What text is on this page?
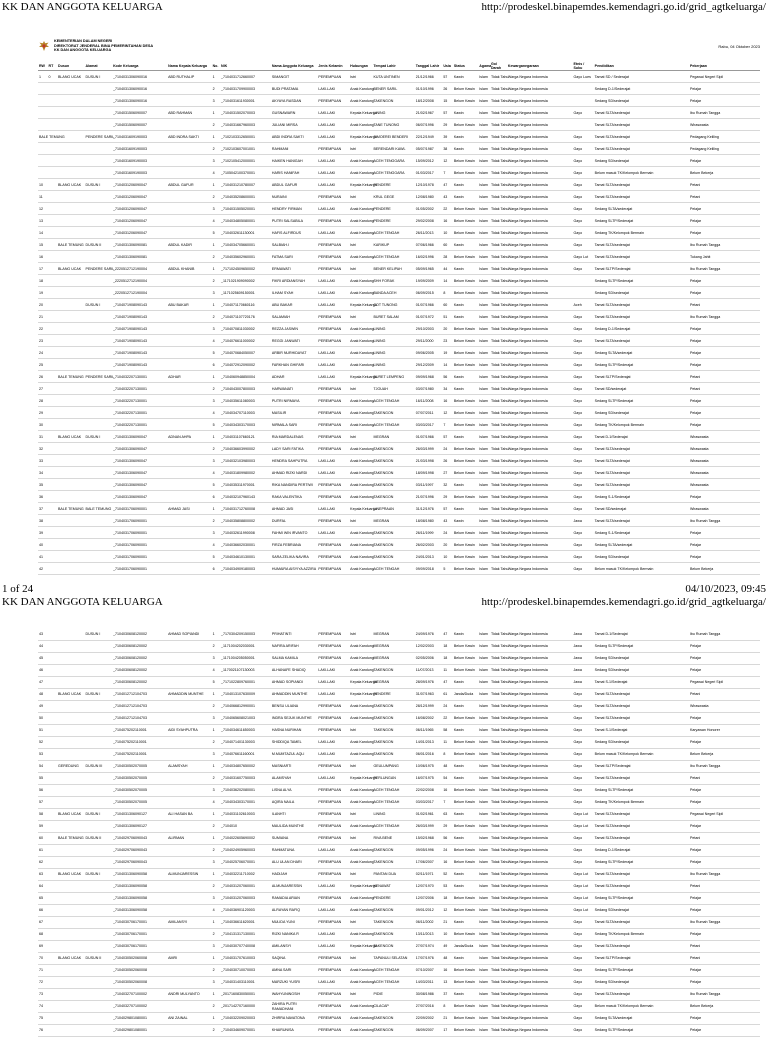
KK DAN ANGGOTA KELUARGA	http://prodeskel.binapemdes.kemendagri.go.id/grid_agtkeluarga/
KEMENTERIAN DALAM NEGERI
DIREKTORAT JENDERAL BINA PEMERINTAHAN DESA
KK DAN ANGGOTA KELUARGA
Rabu, 04 Oktober 2023
RW	RT	Dusun	Alamat	Kode Keluarga	Nama Kepala Keluarga	No.	NIK	Nama Anggota Keluarga	Jenis Kelamin	Hubungan	Tempat Lahir	Tanggal Lahir	Usia	Status	Agama	Gol Darah	Kewarganegaraan	Etnis / Suku	Pendidikan	Pekerjaan
1	0	BLANG UCAK	DUSUN I	_7104031306090016	ABD RUTHALIP	1	_7104031712660007	SIMANGIT	PEREMPUAN	Istri	KUTA UNTINEN	21/12/1966	57	Kawin	Islam	Tidak Tahu	Warga Negara Indonesia	Gayo Lues	Tamat SD / Sederajat	Pegawai Negeri Sipil
				_7104031306090016		2	_7104031709900003	BUDI PRATAMA	LAKI-LAKI	Anak Kandung	BENER SARIL	01/10/1996	26	Belum Kawin	Islam	Tidak Tahu	Warga Negara Indonesia		Sedang D-1/Sederajat	Pelajar
				_7104031306090016		3	_7104031611930001	AKYAYA RASDAN	PEREMPUAN	Anak Kandung	TAKENGON	18/12/2008	15	Belum Kawin	Islam	Tidak Tahu	Warga Negara Indonesia		Sedang SD/sederajat	Pelajar
				_7104031506090007	ABD RAHMAN	1	_7104031502070003	GUSNAWARN	LAKI-LAKI	Kepala Keluarga	LINING	21/02/1967	57	Kawin	Islam	Tidak Tahu	Warga Negara Indonesia	Gayo	Tamat SLTA/sederajat	Ibu Rumah Tangga
				_7104031506090007		2	_7104031667960003	JULIANI MIRSA	LAKI-LAKI	Anak Kandung	TANE TUNONG	06/07/1996	29	Belum Kawin	Islam	Tidak Tahu	Warga Negara Indonesia		Tamat SLTA/sederajat	Wiraswasta
BALE TEMUNG			PENDERE SARIL	_7104031609190003	ABD INDRA SAKTI	1	_7102103312650001	ABDI INDRA SAKTI	LAKI-LAKI	Kepala Keluarga	SIMOEREI BENDERI	22/12/1949	39	Kawin	Islam	Tidak Tahu	Warga Negara Indonesia	Gayo	Tamat SLTA/sederajat	Pedagang Keliling
				_7104031609190003		2	_7102103607001001	RAHMANI	PEREMPUAN	Istri	BERENDARI KAWL	05/07/1987	38	Kawin	Islam	Tidak Tahu	Warga Negara Indonesia	Gayo	Tamat SLTA/sederajat	Pedagang Keliling
				_7104031609190003		3	_7102105412000001	HAIKEN HANIGAH	LAKI-LAKI	Anak Kandung	ACEH TENGGARA	15/09/2012	12	Belum Kawin	Islam	Tidak Tahu	Warga Negara Indonesia	Gayo	Sedang SD/sederajat	Pelajar
				_7104031609190003		4	_7105042100370001	HARIS HANIFAH	LAKI-LAKI	Anak Kandung	ACEH TENGGARA	01/03/2017	7	Belum Kawin	Islam	Tidak Tahu	Warga Negara Indonesia	Gayo	Belum masuk TK/Kelompok Bermain	Belum Bekerja
10		BLANG UCAK	DUSUN I	_7104031206090047	ABDUL GAFUR	1	_7104031210780007	ABDUL GAFUR	LAKI-LAKI	Kepala Keluarga	PENDERE	12/10/1978	47	Kawin	Islam	Tidak Tahu	Warga Negara Indonesia	Gayo	Tamat SLTA/sederajat	Petani
11				_7104031206090047		2	_7104035208600001	NURAINI	PEREMPUAN	Istri	KRUL GEGE	12/08/1980	43	Kawin	Islam	Tidak Tahu	Warga Negara Indonesia	Gayo	Tamat SLTA/sederajat	Petani
12				_7104031206090047		3	_7104031505020001	HENDRY FIRMAN	LAKI-LAKI	Anak Kandung	PENDERE	01/05/2002	22	Belum Kawin	Islam	Tidak Tahu	Warga Negara Indonesia	Gayo	Sedang SLTA/sederajat	Pelajar
13				_7104031206090047		4	_7104034805080001	PUTRI SALSABILA	PEREMPUAN	Anak Kandung	PENDERE	29/02/2008	16	Belum Kawin	Islam	Tidak Tahu	Warga Negara Indonesia	Gayo	Sedang SLTP/Sederajat	Pelajar
14				_7104031206090047		5	_7104032611130001	HAFIS ALFIRDUS	LAKI-LAKI	Anak Kandung	ACEH TENGAH	26/11/2013	10	Belum Kawin	Islam	Tidak Tahu	Warga Negara Indonesia	Gayo	Sedang TK/Kelompok Bermain	Pelajar
15		BALE TEMUNG	DUSUN II	_7104031306090081	ABDUL KADIR	1	_7104034705660001	SALBIAH.I	PEREMPUAN	Istri	KARIKUP	07/06/1966	60	Kawin	Islam	Tidak Tahu	Warga Negara Indonesia	Gayo	Tamat SLTA/sederajat	Ibu Rumah Tangga
16				_7104031306090081		2	_7104035602960001	FATMA SARI	PEREMPUAN	Anak Kandung	ACEH TENGAH	16/02/1996	28	Belum Kawin	Islam	Tidak Tahu	Warga Negara Indonesia	Gayo Lut	Tamat SLTA/sederajat	Tukang Jahit
17		BLANG UCAK	PENDERE SARIL	_2220512712190004	ABDUL KHANIB	1	_7171024509650002	ERMAWATI	PEREMPUAN	Istri	BENER KELIPAH	05/09/1965	44	Kawin	Islam	Tidak Tahu	Warga Negara Indonesia	Gayo	Tamat SLTP/Sederajat	Ibu Rumah Tangga
18				_2220512712190004		2	_1171021909090002	FIKRI ARDIANSYAH	LAKI-LAKI	Anak Kandung	SHH FORAK	19/09/2009	14	Belum Kawin	Islam	Tidak Tahu	Warga Negara Indonesia		Sedang SLTP/Sederajat	Pelajar
19				_2220512712190004		3	_1171025609150001	ILHAM SYAH	LAKI-LAKI	Anak Kandung	BANDA ACEH	06/09/2015	8	Belum Kawin	Islam	Tidak Tahu	Warga Negara Indonesia		Sedang SD/sederajat	Pelajar
20			DUSUN I	_7104071908090143	ABU BAKAR	1	_7104071170660116	ABU BAKAR	LAKI-LAKI	Kepala Keluarga	COT TUNONG	01/07/1966	60	Kawin	Islam	Tidak Tahu	Warga Negara Indonesia	Aceh	Tamat SLTA/sederajat	Petani
21				_7104071908090143		2	_7104071107720176	SALAMIAH	PEREMPUAN	Istri	BURET SALAM	01/07/1972	51	Kawin	Islam	Tidak Tahu	Warga Negara Indonesia	Gayo	Tamat SLTA/sederajat	Ibu Rumah Tangga
22				_7104071908090143		3	_7104070811030002	REZZA JASWIN	PEREMPUAN	Anak Kandung	LINING	29/10/2003	20	Belum Kawin	Islam	Tidak Tahu	Warga Negara Indonesia	Gayo	Sedang D-1/Sederajat	Pelajar
23				_7104071908090143		4	_7104076611000002	REGGI JANWATI	PEREMPUAN	Anak Kandung	LINING	29/11/2000	23	Belum Kawin	Islam	Tidak Tahu	Warga Negara Indonesia	Gayo	Tamat SLTA/sederajat	Pelajar
24				_7104071908090143		5	_7104070684050007	ARBIR NURHIDAYAT	LAKI-LAKI	Anak Kandung	LINING	09/06/2005	19	Belum Kawin	Islam	Tidak Tahu	Warga Negara Indonesia	Gayo	Sedang SLTA/sederajat	Pelajar
25				_7104071908090143		6	_7104072912090002	FARKHAN GHIFARI	LAKI-LAKI	Anak Kandung	LINING	29/12/2009	14	Belum Kawin	Islam	Tidak Tahu	Warga Negara Indonesia	Gayo	Sedang SLTP/Sederajat	Pelajar
26		BALE TEMUNG	PENDERE SARIL	_7104032207130001	ADHAR	1	_7104060948850004	ADHAR	LAKI-LAKI	Kepala Keluarga	BURET LEMPENG	09/09/1968	56	Kawin	Islam	Tidak Tahu	Warga Negara Indonesia	Gayo	Tamat SLTP/Sederajat	Petani
27				_7104032207130001		2	_7104043007800003	HARWANATI	PEREMPUAN	Istri	TJOUAH	03/07/1980	34	Kawin	Islam	Tidak Tahu	Warga Negara Indonesia	Gayo	Tamat SD/sederajat	Petani
28				_7104032207130001		3	_7104035611080003	PUTRI NIRMAYA	PEREMPUAN	Anak Kandung	ACEH TENGAH	16/11/2008	16	Belum Kawin	Islam	Tidak Tahu	Warga Negara Indonesia	Gayo	Sedang SLTP/Sederajat	Pelajar
29				_7104032207130001		4	_7104034707110003	MASILIR	PEREMPUAN	Anak Kandung	TAKENGON	07/07/2011	12	Belum Kawin	Islam	Tidak Tahu	Warga Negara Indonesia	Gayo	Sedang SD/sederajat	Pelajar
30				_7104032207130001		5	_7104034303170003	NIRMALA SARI	PEREMPUAN	Anak Kandung	ACEH TENGAH	03/03/2017	7	Belum Kawin	Islam	Tidak Tahu	Warga Negara Indonesia	Gayo	Sedang TK/Kelompok Bermain	Pelajar
31		BLANG UCAK	DUSUN I	_7104031306090047	ADNAN AHPA	1	_7104031107660121	RIA MARDALENAS	PEREMPUAN	Istri	MEGRAN	01/07/1966	57	Kawin	Islam	Tidak Tahu	Warga Negara Indonesia	Gayo	Tamat D-1/Sederajat	Wiraswasta
32				_7104031306090047		2	_7104036603990002	LADY SARI FATIKA	PEREMPUAN	Anak Kandung	TAKENGON	26/03/1999	24	Belum Kawin	Islam	Tidak Tahu	Warga Negara Indonesia	Gayo	Tamat SLTA/sederajat	Wiraswasta
33				_7104031306090047		3	_7104032103980003	HENDRA SAHPUTRA	LAKI-LAKI	Anak Kandung	TAKENGON	21/03/1998	26	Belum Kawin	Islam	Tidak Tahu	Warga Negara Indonesia	Gayo	Tamat SLTA/sederajat	Wiraswasta
34				_7104031306090047		4	_7104031809980002	AHMAD RIZKI NARDI	LAKI-LAKI	Anak Kandung	TAKENGON	18/09/1998	27	Belum Kawin	Islam	Tidak Tahu	Warga Negara Indonesia	Gayo	Tamat SLTA/sederajat	Wiraswasta
35				_7104031306090047		5	_7104035311970001	RIKA NANDIRA PERTIWI	PEREMPUAN	Anak Kandung	TAKENGON	03/11/1997	32	Kawin	Islam	Tidak Tahu	Warga Negara Indonesia	Gayo	Tamat SLTA/sederajat	Wiraswasta
36				_7104031306090047		6	_7104032107960143	RAKA VALENTIKA	PEREMPUAN	Anak Kandung	TAKENGON	21/07/1996	29	Belum Kawin	Islam	Tidak Tahu	Warga Negara Indonesia	Gayo	Sedang S-1/Sederajat	Pelajar
37		BALE TEMUNG	BALE TEMUNG	_7104031706090001	AHMAD JASI	1	_7104031712760008	AHMAD JASI	LAKI-LAKI	Kepala Keluarga	LINEPRAAN	31/12/1976	57	Kawin	Islam	Tidak Tahu	Warga Negara Indonesia	Gayo	Tamat SD/sederajat	Wiraswasta
38				_7104031706090001		2	_7104035808800002	DURFAL	PEREMPUAN	Istri	MEGRAN	18/08/1980	43	Kawin	Islam	Tidak Tahu	Warga Negara Indonesia	Jawa	Tamat SLTA/sederajat	Ibu Rumah Tangga
39				_7104031706090001		3	_7104032611990008	FAHMI WIN IRVANTO	LAKI-LAKI	Anak Kandung	TAKENGON	26/11/1999	24	Belum Kawin	Islam	Tidak Tahu	Warga Negara Indonesia	Gayo	Sedang S-1/Sederajat	Pelajar
40				_7104031706090001		4	_7104036602030001	FIRZA FEBRIANA	PEREMPUAN	Anak Kandung	TAKENGON	26/02/2003	20	Belum Kawin	Islam	Tidak Tahu	Warga Negara Indonesia	Gayo	Sedang SLTA/sederajat	Pelajar
41				_7104031706090001		5	_7104034610130001	SARA ZELIKA NAVIRA	PEREMPUAN	Anak Kandung	TAKENGON	24/01/2013	10	Belum Kawin	Islam	Tidak Tahu	Warga Negara Indonesia	Gayo	Sedang SD/sederajat	Pelajar
42				_7104031706090001		6	_7104034909180003	HUMAIRA AISYIYA AZZIRA	PEREMPUAN	Anak Kandung	ACEH TENGAH	09/09/2018	5	Belum Kawin	Islam	Tidak Tahu	Warga Negara Indonesia	Gayo	Belum masuk TK/Kelompok Bermain	Belum Bekerja
1 of 24	04/10/2023, 09:45
KK DAN ANGGOTA KELUARGA	http://prodeskel.binapemdes.kemendagri.go.id/grid_agtkeluarga/
43			DUSUN I	_7104030608120002	AHMAD SOPIANDI	1	_7170304209150003	PRIHATINTI	PEREMPUAN	Istri	MEGRAN	24/09/1976	47	Kawin	Islam	Tidak Tahu	Warga Negara Indonesia	Jawa	Tamat D-1/Sederajat	Ibu Rumah Tangga
44				_7104030608120002		2	_1171004202030001	NAFIRA ARIFAH	PEREMPUAN	Anak Kandung	MEGRAN	12/02/2003	18	Belum Kawin	Islam	Tidak Tahu	Warga Negara Indonesia	Jawa	Sedang SLTP/Sederajat	Pelajar
45				_7104030608120002		3	_1171004205050001	SALMA KAMILA	PEREMPUAN	Anak Kandung	MEGRAN	02/05/2006	18	Belum Kawin	Islam	Tidak Tahu	Warga Negara Indonesia	Jawa	Sedang SD/sederajat	Pelajar
46				_7104030608120002		4	_1170021107130003	ALHANAFE SHADIQ	LAKI-LAKI	Anak Kandung	TAKENGON	11/07/2013	11	Belum Kawin	Islam	Tidak Tahu	Warga Negara Indonesia	Jawa	Sedang SD/sederajat	Pelajar
47				_7104030608120002		5	_7171022809760001	AHMAD SOPIANDI	LAKI-LAKI	Kepala Keluarga	MEGRAN	28/09/1976	47	Kawin	Islam	Tidak Tahu	Warga Negara Indonesia	Jawa	Tamat S-1/Sederajat	Pegawai Negeri Sipil
48		BLANG UCAK	DUSUN I	_7104012712104703	AHMADDIN MUNTHE	1	_7104013107630009	AHMADDIN MUNTHE	LAKI-LAKI	Kepala Keluarga	PENDERE	31/07/1963	61	Janda/Duda	Islam	Tidak Tahu	Warga Negara Indonesia	Gayo	Tamat SLTA/sederajat	Petani
49				_7104012712104703		2	_7104066812990001	BENSU ULIANA	PEREMPUAN	Anak Kandung	TAKENGON	28/12/1999	24	Kawin	Islam	Tidak Tahu	Warga Negara Indonesia	Gayo	Tamat SLTA/sederajat	Wiraswasta
50				_7104012712104703		3	_7104065608021003	INDRA SEJUK MUNTHE	PEREMPUAN	Anak Kandung	TAKENGON	16/08/2002	22	Belum Kawin	Islam	Tidak Tahu	Warga Negara Indonesia	Gayo	Tamat SLTA/sederajat	Pelajar
51				_7104075202110001	AIDI SYAHPUTRA	1	_7104034611650003	HASNA NURIHAN	PEREMPUAN	Istri	TAKENGON	06/11/1965	58	Kawin	Islam	Tidak Tahu	Warga Negara Indonesia	Gayo	Tamat S-1/Sederajat	Karyawan Honorer
52				_7104075202110001		2	_7104071401130003	SHIDDIQA TAMEL	LAKI-LAKI	Anak Kandung	TAKENGON	14/01/2013	11	Belum Kawin	Islam	Tidak Tahu	Warga Negara Indonesia	Gayo	Sedang SD/sederajat	Pelajar
53				_7104075202110001		3	_7104076611160001	M.MUMTAZUL AQLI	LAKI-LAKI	Anak Kandung	TAKENGON	06/01/2016	8	Belum Kawin	Islam	Tidak Tahu	Warga Negara Indonesia	Gayo	Belum masuk TK/Kelompok Bermain	Belum Bekerja
54		GEREDUNG	DUSUN III	_7104030502070005	ALAMSYAH	1	_7104034807650002	MASNIARTI	PEREMPUAN	Istri	GEULUMPANG	10/06/1975	48	Kawin	Islam	Tidak Tahu	Warga Negara Indonesia	Gayo	Tamat SLTP/Sederajat	Ibu Rumah Tangga
55				_7104030502070005		2	_7104031607750003	ALAMSYAH	LAKI-LAKI	Kepala Keluarga	PERLUNGAN	16/07/1975	54	Kawin	Islam	Tidak Tahu	Warga Negara Indonesia	Gayo	Tamat SLTA/sederajat	Petani
56				_7104030502070005		3	_7104036202080001	LISNA ALYA	PEREMPUAN	Anak Kandung	ACEH TENGAH	22/02/2008	16	Belum Kawin	Islam	Tidak Tahu	Warga Negara Indonesia	Gayo	Sedang SLTP/Sederajat	Pelajar
57				_7104030502070005		4	_7104034303170001	AQIRA NAILA	PEREMPUAN	Anak Kandung	ACEH TENGAH	03/03/2017	7	Belum Kawin	Islam	Tidak Tahu	Warga Negara Indonesia	Gayo	Sedang TK/Kelompok Bermain	Pelajar
58		BLANG UCAK	DUSUN I	_7104031306090127	ALI HASAN BA	1	_7104031102610003	ILANHTI	PEREMPUAN	Istri	LINING	01/02/1961	63	Kawin	Islam	Tidak Tahu	Warga Negara Indonesia	Gayo Lut	Tamat SLTA/sederajat	Pegawai Negeri Sipil
59				_7104031306090127		2	_7104010	MAULIDA MUNTHE	PEREMPUAN	Anak Kandung	ACEH TENGAH	26/03/1999	29	Belum Kawin	Islam	Tidak Tahu	Warga Negara Indonesia	Gayo Lut	Tamat SLTA/sederajat	Pelajar
60		BALE TEMUNG	DUSUN II	_7104029706090043	ALIRMAN	1	_7104022605690002	SUMIANA	PEREMPUAN	Istri	RIVA BENE	15/02/1968	56	Kawin	Islam	Tidak Tahu	Warga Negara Indonesia	Gayo	Tamat SLTA/sederajat	Petani
61				_7104029706090043		2	_7104024905960003	RAHMATUNA	LAKI-LAKI	Anak Kandung	TAKENGON	09/05/1996	24	Belum Kawin	Islam	Tidak Tahu	Warga Negara Indonesia	Gayo	Sedang D-1/Sederajat	Pelajar
62				_7104029706090043		3	_7104025706070001	ALU ULAN DHARI	PEREMPUAN	Anak Kandung	TAKENGON	17/06/2007	16	Belum Kawin	Islam	Tidak Tahu	Warga Negara Indonesia	Gayo	Sedang SLTP/Sederajat	Pelajar
63		BLANG UCAK	DUSUN I	_7104031306090058	ALMUNJARESSIN	1	_7104032211710002	HADIJAH	PEREMPUAN	Istri	PANTAN DUA	02/11/1971	52	Kawin	Islam	Tidak Tahu	Warga Negara Indonesia	Gayo Lut	Tamat SLTA/sederajat	Ibu Rumah Tangga
64				_7104031306090058		2	_7104031207060001	ALMUNJARESSIN	LAKI-LAKI	Kepala Keluarga	KENAWAT	12/07/1970	53	Kawin	Islam	Tidak Tahu	Warga Negara Indonesia	Gayo Lut	Tamat SLTA/sederajat	Petani
65				_7104031306090058		3	_7104031207060003	RAMADIA ARIAN	PEREMPUAN	Anak Kandung	PENDERE	12/07/2006	18	Belum Kawin	Islam	Tidak Tahu	Warga Negara Indonesia	Gayo Lut	Sedang SLTP/Sederajat	Pelajar
66				_7104031306090058		4	_7104036901120003	ALRAYAN RAFIQ	LAKI-LAKI	Anak Kandung	TAKENGON	09/01/2012	12	Belum Kawin	Islam	Tidak Tahu	Warga Negara Indonesia	Gayo Lut	Sedang SD/sederajat	Pelajar
67				_7104030706170001	AMILANSYI	1	_7104036611620001	MULIDA YUNI	PEREMPUAN	Istri	TAKENGON	06/11/2002	21	Kawin	Islam	Tidak Tahu	Warga Negara Indonesia	Gayo	Tamat SLTA/sederajat	Ibu Rumah Tangga
68				_7104030706170001		2	_7104131317130001	RIZKI NANIKA R	LAKI-LAKI	Anak Kandung	TAKENGON	13/11/2013	10	Belum Kawin	Islam	Tidak Tahu	Warga Negara Indonesia	Gayo	Sedang TK/Kelompok Bermain	Pelajar
69				_7104030706170001		3	_7104030707740008	AMILANSYI	LAKI-LAKI	Kepala Keluarga	TAKENGON	27/07/1974	49	Janda/Duda	Islam	Tidak Tahu	Warga Negara Indonesia	Gayo	Tamat SLTA/sederajat	Petani
70		BLANG UCAK	DUSUN II	_7104030502060008	AMRI	1	_7104031707610003	SAQINA	PEREMPUAN	Istri	TAPANULI SELATAN	17/07/1976	48	Kawin	Islam	Tidak Tahu	Warga Negara Indonesia	Gayo	Tamat SLTP/Sederajat	Petani
71				_7104030502060008		2	_7104030710070003	AMNA SARI	PEREMPUAN	Anak Kandung	ACEH TENGAH	07/10/2007	16	Belum Kawin	Islam	Tidak Tahu	Warga Negara Indonesia	Gayo	Sedang SLTP/Sederajat	Pelajar
72				_7104030502060008		3	_7104031403110001	MARZUKI YUSRI	LAKI-LAKI	Anak Kandung	ACEH TENGAH	14/03/2011	13	Belum Kawin	Islam	Tidak Tahu	Warga Negara Indonesia	Gayo	Sedang SD/sederajat	Pelajar
73				_7104032707100002	ANDRI MULYANTO	1	_2017160830050001	WAHYUNINGSIH	PEREMPUAN	Istri	PIDIE	30/08/1986	37	Kawin	Islam	Tidak Tahu	Warga Negara Indonesia	Gayo	Tamat SLTA/sederajat	Ibu Rumah Tangga
74				_7104032707100002		2	_2017142707160000	ZAHIRA PUTRI RAMADHANI	PEREMPUAN	Anak Kandung	CILACAP	27/07/2016	8	Belum Kawin	Islam	Tidak Tahu	Warga Negara Indonesia	Gayo	Belum masuk TK/Kelompok Bermain	Belum Bekerja
75				_7104029801080001	ANI ZAINAL	1	_7104032209020003	ZHIRRA NAVATONA	PEREMPUAN	Anak Kandung	TAKENGON	22/09/2002	21	Belum Kawin	Islam	Tidak Tahu	Warga Negara Indonesia	Gayo	Sedang SLTA/sederajat	Pelajar
76				_7104029801080001		2	_7104034609070001	KHAIRUNISA	PEREMPUAN	Anak Kandung	TAKENGON	06/09/2007	17	Belum Kawin	Islam	Tidak Tahu	Warga Negara Indonesia	Gayo	Sedang SLTP/Sederajat	Pelajar
